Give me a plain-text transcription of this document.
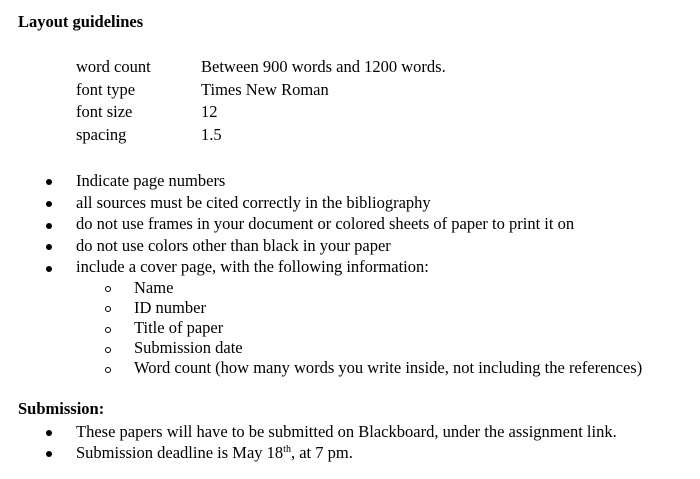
Layout guidelines
word count	Between 900 words and 1200 words.
font type	Times New Roman
font size	12
spacing	1.5
Indicate page numbers
all sources must be cited correctly in the bibliography
do not use frames in your document or colored sheets of paper to print it on
do not use colors other than black in your paper
include a cover page, with the following information:
Name
ID number
Title of paper
Submission date
Word count (how many words you write inside, not including the references)
Submission:
These papers will have to be submitted on Blackboard, under the assignment link.
Submission deadline is May 18th, at 7 pm.
